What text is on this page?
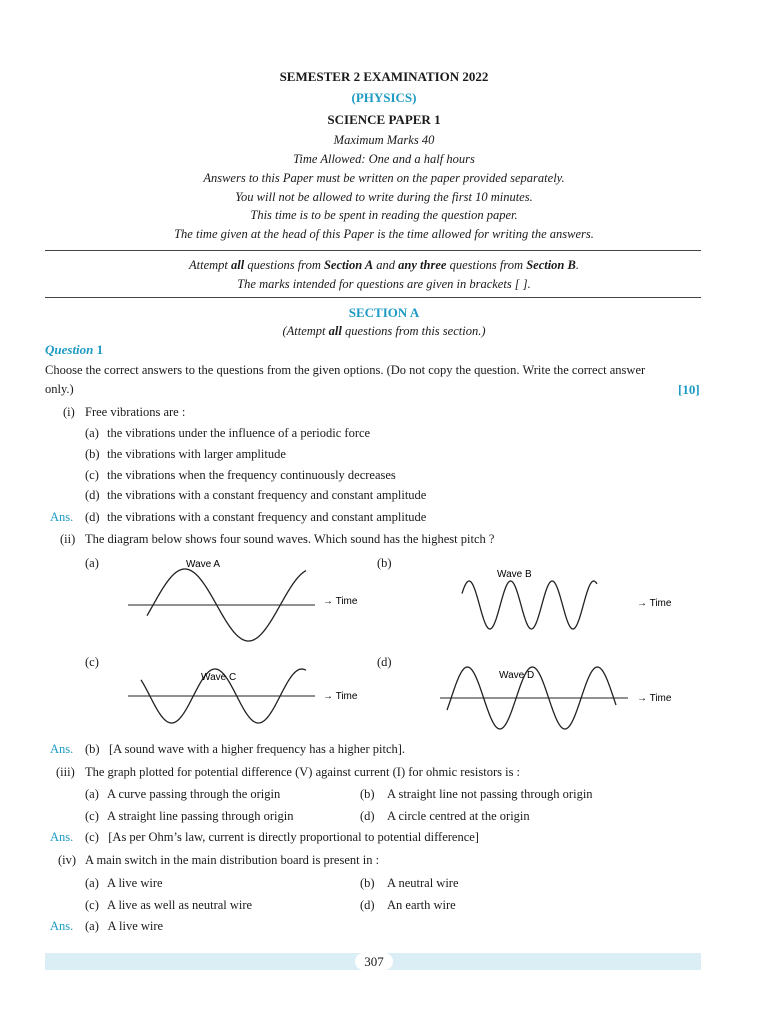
SEMESTER 2 EXAMINATION 2022
(PHYSICS)
SCIENCE PAPER 1
Maximum Marks 40
Time Allowed: One and a half hours
Answers to this Paper must be written on the paper provided separately.
You will not be allowed to write during the first 10 minutes.
This time is to be spent in reading the question paper.
The time given at the head of this Paper is the time allowed for writing the answers.
Attempt all questions from Section A and any three questions from Section B.
The marks intended for questions are given in brackets [ ].
SECTION A
(Attempt all questions from this section.)
Question 1
Choose the correct answers to the questions from the given options. (Do not copy the question. Write the correct answer
only.)	[10]
(i) Free vibrations are :
(a) the vibrations under the influence of a periodic force
(b) the vibrations with larger amplitude
(c) the vibrations when the frequency continuously decreases
(d) the vibrations with a constant frequency and constant amplitude
Ans. (d) the vibrations with a constant frequency and constant amplitude
(ii) The diagram below shows four sound waves. Which sound has the highest pitch ?
(a)	(b)
(c)	(d)
Wave A
→ Time
Wave B
→ Time
Wave C
→ Time
Wave D
→ Time
Ans. (b)   [A sound wave with a higher frequency has a higher pitch].
(iii) The graph plotted for potential difference (V) against current (I) for ohmic resistors is :
(a) A curve passing through the origin	(b) A straight line not passing through origin
(c) A straight line passing through origin	(d) A circle centred at the origin
Ans. (c)   [As per Ohm’s law, current is directly proportional to potential difference]
(iv) A main switch in the main distribution board is present in :
(a) A live wire	(b) A neutral wire
(c) A live as well as neutral wire	(d) An earth wire
Ans. (a)   A live wire
307
